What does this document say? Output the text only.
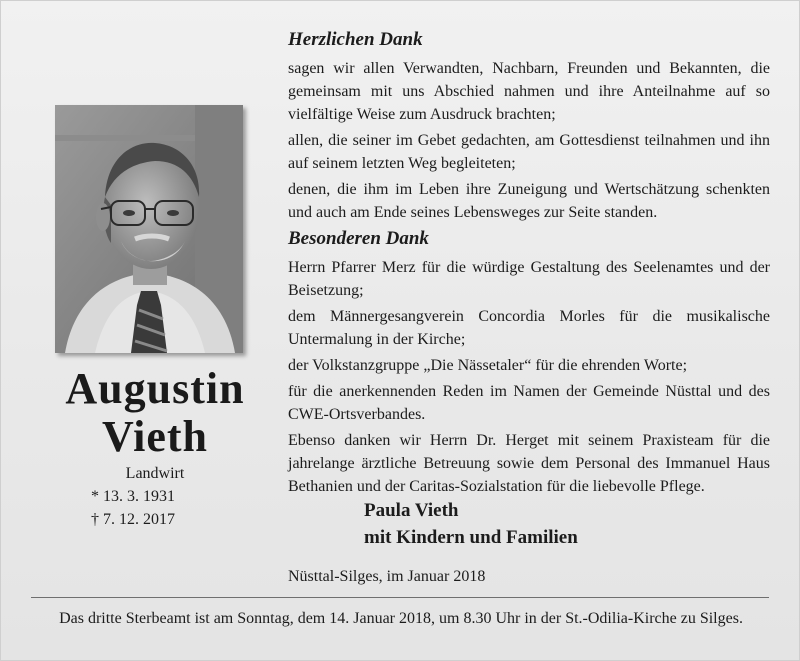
Augustin
Vieth
Landwirt
* 13. 3. 1931
† 7. 12. 2017
Herzlichen Dank

sagen wir allen Verwandten, Nachbarn, Freunden und Bekannten, die gemeinsam mit uns Abschied nahmen und ihre Anteilnahme auf so vielfältige Weise zum Ausdruck brachten;

allen, die seiner im Gebet gedachten, am Gottesdienst teilnahmen und ihn auf seinem letzten Weg begleiteten;

denen, die ihm im Leben ihre Zuneigung und Wertschätzung schenkten und auch am Ende seines Lebensweges zur Seite standen.

Besonderen Dank

Herrn Pfarrer Merz für die würdige Gestaltung des Seelenamtes und der Beisetzung;

dem Männergesangverein Concordia Morles für die musikalische Untermalung in der Kirche;

der Volkstanzgruppe „Die Nässetaler“ für die ehrenden Worte;

für die anerkennenden Reden im Namen der Gemeinde Nüsttal und des CWE-Ortsverbandes.

Ebenso danken wir Herrn Dr. Herget mit seinem Praxisteam für die jahrelange ärztliche Betreuung sowie dem Personal des Immanuel Haus Bethanien und der Caritas-Sozialstation für die liebevolle Pflege.

Paula Vieth
mit Kindern und Familien
Nüsttal-Silges, im Januar 2018
Das dritte Sterbeamt ist am Sonntag, dem 14. Januar 2018, um 8.30 Uhr in der St.-Odilia-Kirche zu Silges.
